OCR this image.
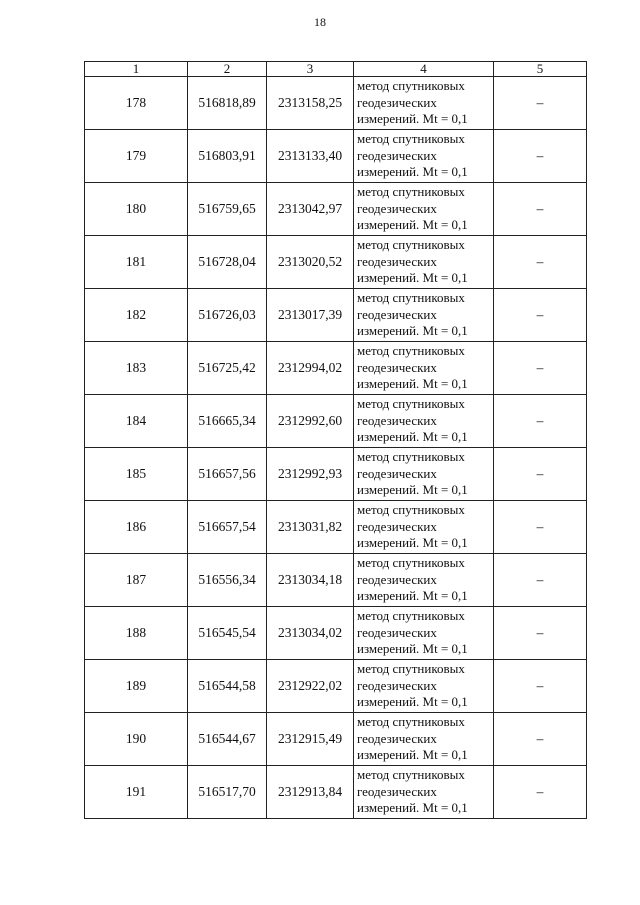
18
1	2	3	4	5
178	516818,89	2313158,25	метод спутниковых
геодезических
измерений. Mt = 0,1	–
179	516803,91	2313133,40	метод спутниковых
геодезических
измерений. Mt = 0,1	–
180	516759,65	2313042,97	метод спутниковых
геодезических
измерений. Mt = 0,1	–
181	516728,04	2313020,52	метод спутниковых
геодезических
измерений. Mt = 0,1	–
182	516726,03	2313017,39	метод спутниковых
геодезических
измерений. Mt = 0,1	–
183	516725,42	2312994,02	метод спутниковых
геодезических
измерений. Mt = 0,1	–
184	516665,34	2312992,60	метод спутниковых
геодезических
измерений. Mt = 0,1	–
185	516657,56	2312992,93	метод спутниковых
геодезических
измерений. Mt = 0,1	–
186	516657,54	2313031,82	метод спутниковых
геодезических
измерений. Mt = 0,1	–
187	516556,34	2313034,18	метод спутниковых
геодезических
измерений. Mt = 0,1	–
188	516545,54	2313034,02	метод спутниковых
геодезических
измерений. Mt = 0,1	–
189	516544,58	2312922,02	метод спутниковых
геодезических
измерений. Mt = 0,1	–
190	516544,67	2312915,49	метод спутниковых
геодезических
измерений. Mt = 0,1	–
191	516517,70	2312913,84	метод спутниковых
геодезических
измерений. Mt = 0,1	–
